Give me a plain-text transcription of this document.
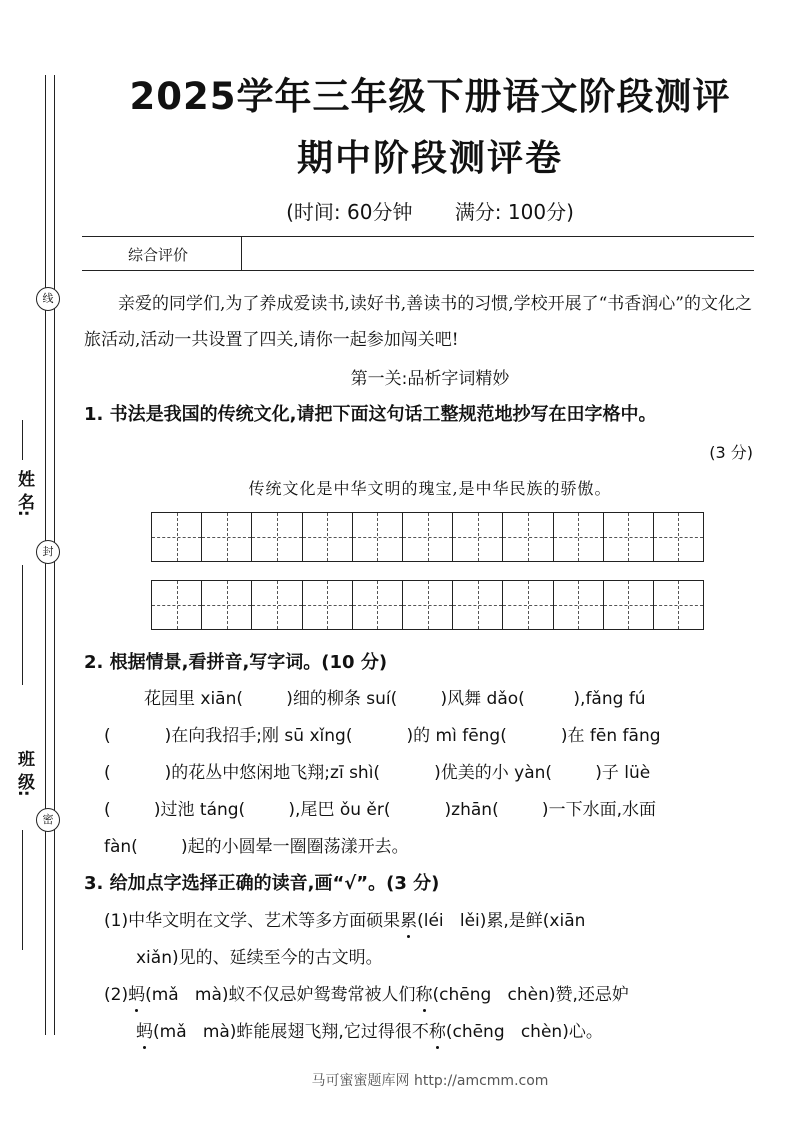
线
封
密
姓 名:
班 级:
2025学年三年级下册语文阶段测评
期中阶段测评卷
(时间: 60分钟 满分: 100分)
综合评价
亲爱的同学们,为了养成爱读书,读好书,善读书的习惯,学校开展了“书香润心”的文化之旅活动,活动一共设置了四关,请你一起参加闯关吧!
第一关:品析字词精妙
1. 书法是我国的传统文化,请把下面这句话工整规范地抄写在田字格中。
(3 分)
传统文化是中华文明的瑰宝,是中华民族的骄傲。
2. 根据情景,看拼音,写字词。(10 分)
花园里 xiān(        )细的柳条 suí(        )风舞 dǎo(         ),fǎng fú
(          )在向我招手;刚 sū xǐng(          )的 mì fēng(          )在 fēn fāng
(          )的花丛中悠闲地飞翔;zī shì(          )优美的小 yàn(        )子 lüè
(        )过池 táng(        ),尾巴 ǒu ěr(          )zhān(        )一下水面,水面
fàn(        )起的小圆晕一圈圈荡漾开去。
3. 给加点字选择正确的读音,画“√”。(3 分)
(1)中华文明在文学、艺术等多方面硕果累(léi   lěi)累,是鲜(xiān
xiǎn)见的、延续至今的古文明。
(2)蚂(mǎ   mà)蚁不仅忌妒鸳鸯常被人们称(chēng   chèn)赞,还忌妒
蚂(mǎ   mà)蚱能展翅飞翔,它过得很不称(chēng   chèn)心。
马可蜜蜜题库网 http://amcmm.com
